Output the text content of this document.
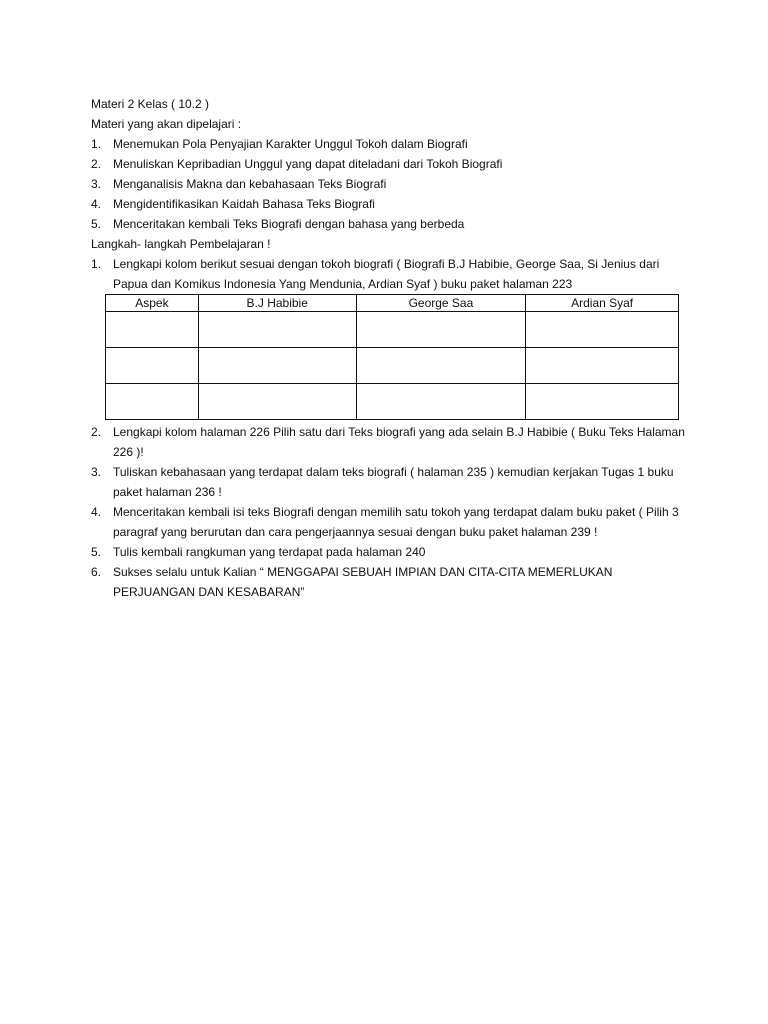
Materi 2 Kelas ( 10.2 )
Materi yang akan dipelajari :
1. Menemukan Pola Penyajian Karakter Unggul Tokoh dalam Biografi
2. Menuliskan Kepribadian Unggul yang dapat diteladani dari Tokoh Biografi
3. Menganalisis Makna dan kebahasaan Teks Biografi
4. Mengidentifikasikan Kaidah Bahasa Teks Biografi
5. Menceritakan kembali Teks Biografi dengan bahasa yang berbeda
Langkah- langkah Pembelajaran !
1. Lengkapi kolom berikut sesuai dengan tokoh biografi ( Biografi B.J Habibie, George Saa, Si Jenius dari Papua dan Komikus Indonesia Yang Mendunia, Ardian Syaf ) buku paket halaman 223
Aspek	B.J Habibie	George Saa	Ardian Syaf

2. Lengkapi kolom halaman 226 Pilih satu dari Teks biografi yang ada selain B.J Habibie ( Buku Teks Halaman 226 )!
3. Tuliskan kebahasaan yang terdapat dalam teks biografi ( halaman 235 ) kemudian kerjakan Tugas 1 buku paket halaman 236 !
4. Menceritakan kembali isi teks Biografi dengan memilih satu tokoh yang terdapat dalam buku paket ( Pilih 3 paragraf yang berurutan dan cara pengerjaannya sesuai dengan buku paket halaman 239 !
5. Tulis kembali rangkuman yang terdapat pada halaman 240
6. Sukses selalu untuk Kalian “ MENGGAPAI SEBUAH IMPIAN DAN CITA-CITA MEMERLUKAN PERJUANGAN DAN KESABARAN”
